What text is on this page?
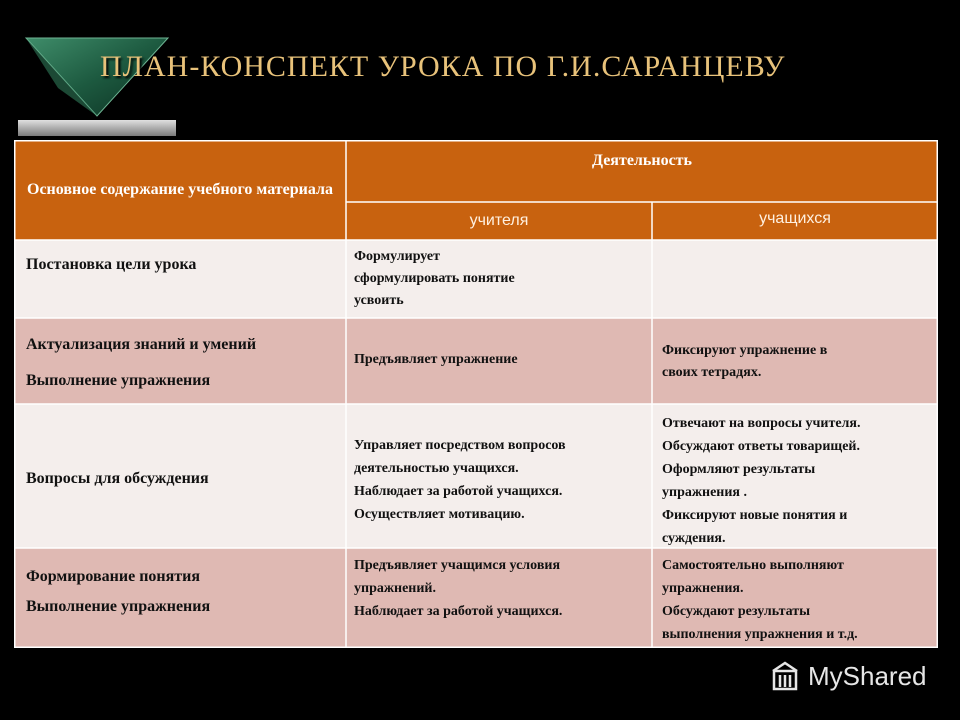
ПЛАН-КОНСПЕКТ УРОКА ПО Г.И.САРАНЦЕВУ
Основное содержание учебного материала
Деятельность
учителя	учащихся
Постановка цели урока	Формулирует
сформулировать понятие
усвоить
Актуализация знаний и умений
Выполнение упражнения
Предъявляет упражнение
Фиксируют упражнение в
своих тетрадях.
Вопросы для обсуждения
Управляет посредством вопросов
деятельностью учащихся.
Наблюдает за работой учащихся.
Осуществляет мотивацию.
Отвечают на вопросы учителя.
Обсуждают ответы товарищей.
Оформляют результаты
упражнения .
Фиксируют новые понятия и
суждения.
Формирование понятия
Выполнение упражнения
Предъявляет учащимся условия
упражнений.
Наблюдает за работой учащихся.
Самостоятельно выполняют
упражнения.
Обсуждают результаты
выполнения упражнения и т.д.
MyShared
